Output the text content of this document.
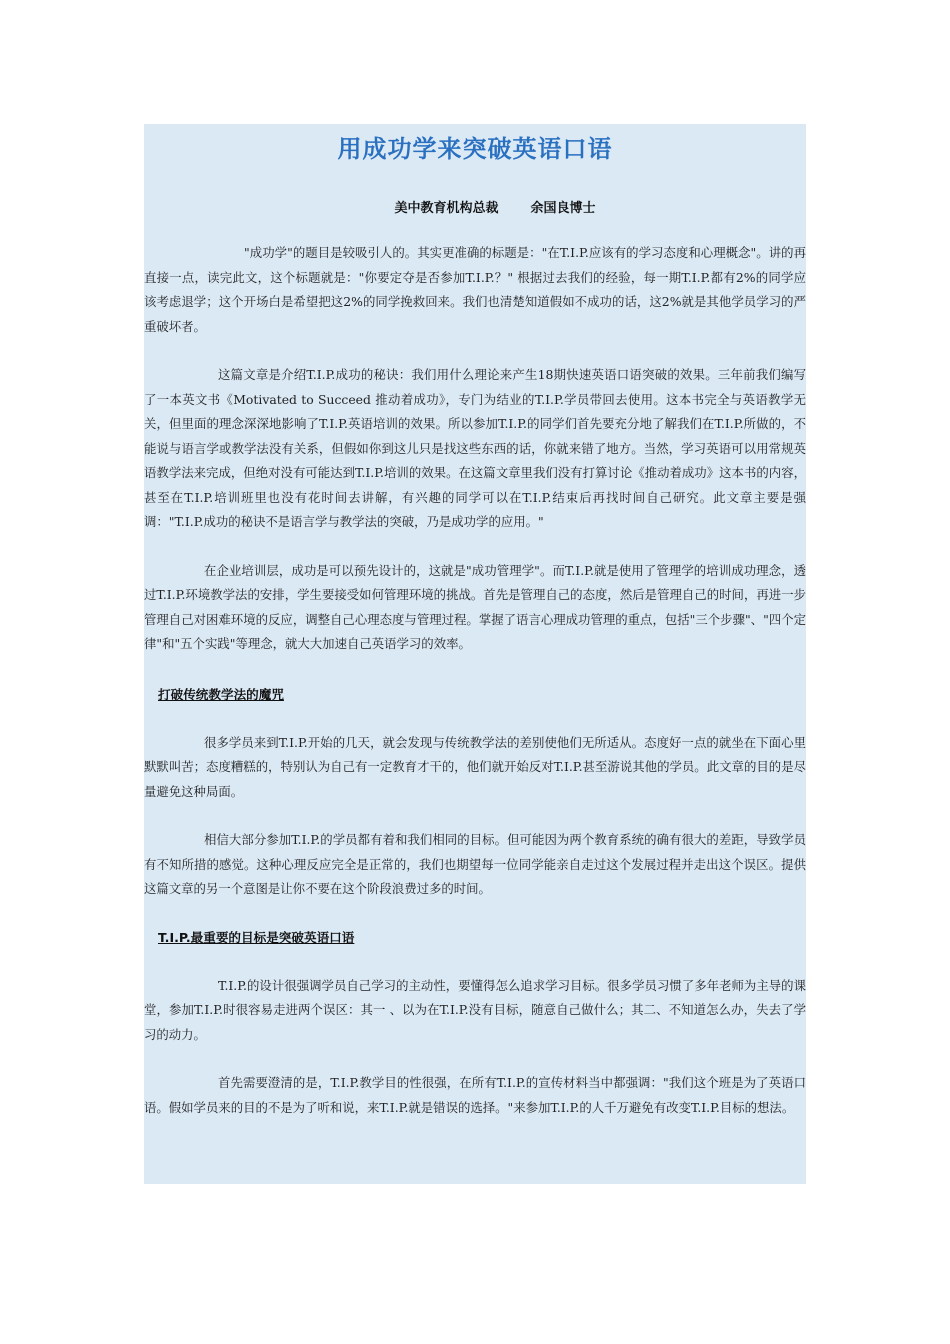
用成功学来突破英语口语
美中教育机构总裁 余国良博士

"成功学"的题目是较吸引人的。其实更准确的标题是："在T.I.P.应该有的学习态度和心理概念"。讲的再直接一点，读完此文，这个标题就是："你要定夺是否参加T.I.P.？" 根据过去我们的经验，每一期T.I.P.都有2%的同学应该考虑退学；这个开场白是希望把这2%的同学挽救回来。我们也清楚知道假如不成功的话，这2%就是其他学员学习的严重破坏者。

这篇文章是介绍T.I.P.成功的秘诀：我们用什么理论来产生18期快速英语口语突破的效果。三年前我们编写了一本英文书《Motivated to Succeed 推动着成功》，专门为结业的T.I.P.学员带回去使用。这本书完全与英语教学无关，但里面的理念深深地影响了T.I.P.英语培训的效果。所以参加T.I.P.的同学们首先要充分地了解我们在T.I.P.所做的，不能说与语言学或教学法没有关系，但假如你到这儿只是找这些东西的话，你就来错了地方。当然，学习英语可以用常规英语教学法来完成，但绝对没有可能达到T.I.P.培训的效果。在这篇文章里我们没有打算讨论《推动着成功》这本书的内容，甚至在T.I.P.培训班里也没有花时间去讲解，有兴趣的同学可以在T.I.P.结束后再找时间自己研究。此文章主要是强调："T.I.P.成功的秘诀不是语言学与教学法的突破，乃是成功学的应用。"

在企业培训层，成功是可以预先设计的，这就是"成功管理学"。而T.I.P.就是使用了管理学的培训成功理念，透过T.I.P.环境教学法的安排，学生要接受如何管理环境的挑战。首先是管理自己的态度，然后是管理自己的时间，再进一步管理自己对困难环境的反应，调整自己心理态度与管理过程。掌握了语言心理成功管理的重点，包括"三个步骤"、"四个定律"和"五个实践"等理念，就大大加速自己英语学习的效率。

打破传统教学法的魔咒

很多学员来到T.I.P.开始的几天，就会发现与传统教学法的差别使他们无所适从。态度好一点的就坐在下面心里默默叫苦；态度糟糕的，特别认为自己有一定教育才干的，他们就开始反对T.I.P.甚至游说其他的学员。此文章的目的是尽量避免这种局面。

相信大部分参加T.I.P.的学员都有着和我们相同的目标。但可能因为两个教育系统的确有很大的差距，导致学员有不知所措的感觉。这种心理反应完全是正常的，我们也期望每一位同学能亲自走过这个发展过程并走出这个误区。提供这篇文章的另一个意图是让你不要在这个阶段浪费过多的时间。

T.I.P.最重要的目标是突破英语口语

T.I.P.的设计很强调学员自己学习的主动性，要懂得怎么追求学习目标。很多学员习惯了多年老师为主导的课堂，参加T.I.P.时很容易走进两个误区：其一 、以为在T.I.P.没有目标，随意自己做什么；其二、不知道怎么办，失去了学习的动力。

首先需要澄清的是，T.I.P.教学目的性很强，在所有T.I.P.的宣传材料当中都强调："我们这个班是为了英语口语。假如学员来的目的不是为了听和说，来T.I.P.就是错误的选择。"来参加T.I.P.的人千万避免有改变T.I.P.目标的想法。
